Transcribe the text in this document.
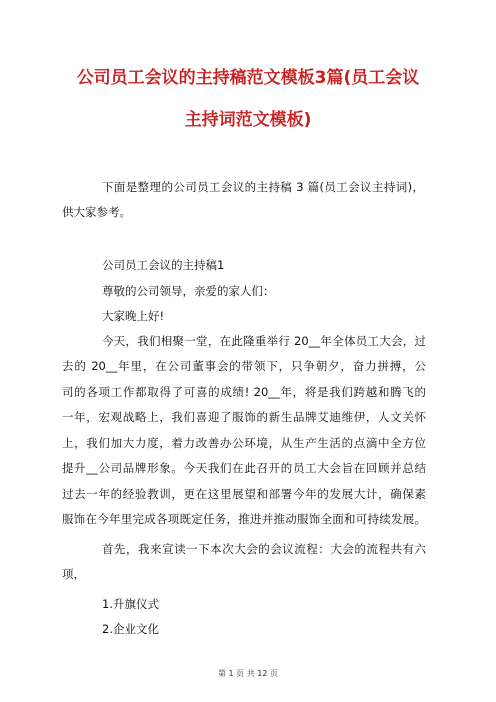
公司员工会议的主持稿范文模板3篇(员工会议
主持词范文模板)

下面是整理的公司员工会议的主持稿 3 篇(员工会议主持词)，

供大家参考。

公司员工会议的主持稿1

尊敬的公司领导，亲爱的家人们：

大家晚上好!

今天，我们相聚一堂，在此隆重举行 20__年全体员工大会，过

去的 20__年里，在公司董事会的带领下，只争朝夕，奋力拼搏，公

司的各项工作都取得了可喜的成绩! 20__年，将是我们跨越和腾飞的

一年，宏观战略上，我们喜迎了服饰的新生品牌艾迪维伊，人文关怀

上，我们加大力度，着力改善办公环境，从生产生活的点滴中全方位

提升__公司品牌形象。今天我们在此召开的员工大会旨在回顾并总结

过去一年的经验教训，更在这里展望和部署今年的发展大计，确保素

服饰在今年里完成各项既定任务，推进并推动服饰全面和可持续发展。

首先，我来宣读一下本次大会的会议流程：大会的流程共有六

项，

1.升旗仪式

2.企业文化

第 1 页 共 12 页
